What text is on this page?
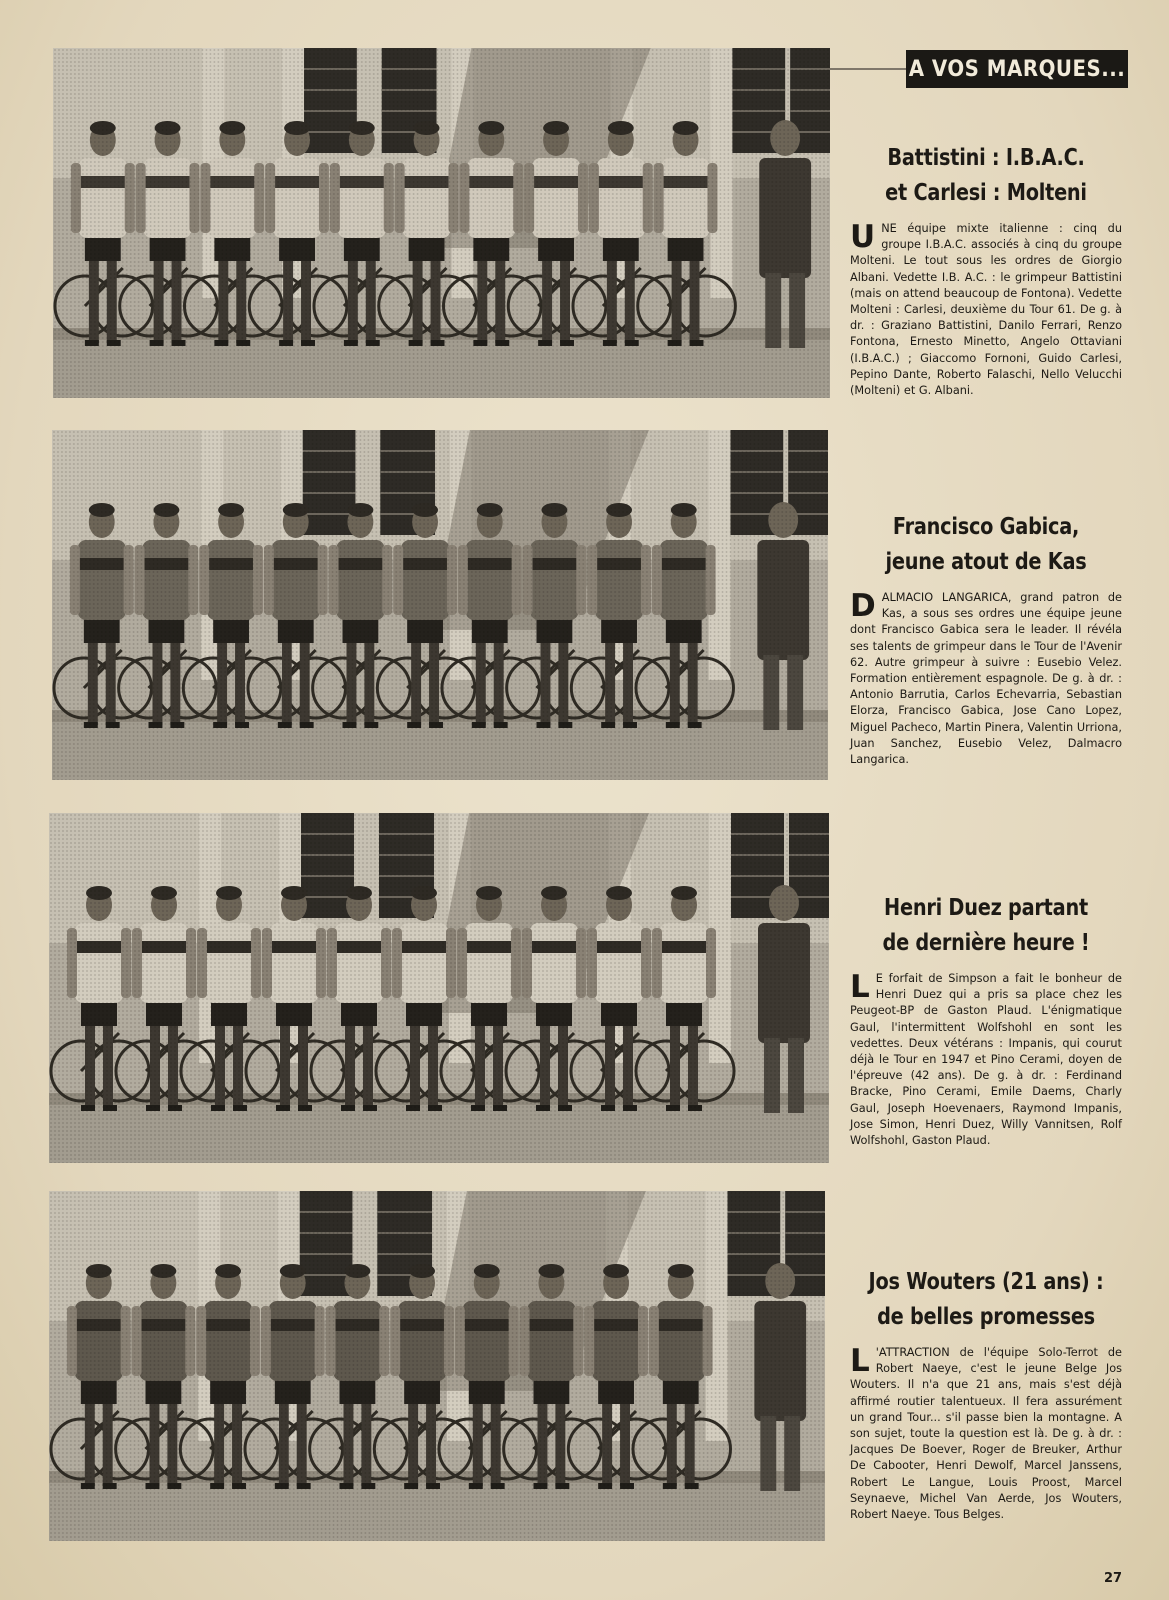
A VOS MARQUES...
Battistini : I.B.A.C.
et Carlesi : Molteni
UNE équipe mixte italienne : cinq du groupe I.B.A.C. associés à cinq du groupe Molteni. Le tout sous les ordres de Giorgio Albani. Vedette I.B. A.C. : le grimpeur Battistini (mais on attend beaucoup de Fontona). Vedette Molteni : Carlesi, deuxième du Tour 61. De g. à dr. : Graziano Battistini, Danilo Ferrari, Renzo Fontona, Ernesto Minetto, Angelo Ottaviani (I.B.A.C.) ; Giaccomo Fornoni, Guido Carlesi, Pepino Dante, Roberto Falaschi, Nello Velucchi (Molteni) et G. Albani.
Francisco Gabica,
jeune atout de Kas
DALMACIO LANGARICA, grand patron de Kas, a sous ses ordres une équipe jeune dont Francisco Gabica sera le leader. Il révéla ses talents de grimpeur dans le Tour de l'Avenir 62. Autre grimpeur à suivre : Eusebio Velez. Formation entièrement espagnole. De g. à dr. : Antonio Barrutia, Carlos Echevarria, Sebastian Elorza, Francisco Gabica, Jose Cano Lopez, Miguel Pacheco, Martin Pinera, Valentin Urriona, Juan Sanchez, Eusebio Velez, Dalmacro Langarica.
Henri Duez partant
de dernière heure !
L E forfait de Simpson a fait le bonheur de Henri Duez qui a pris sa place chez les Peugeot-BP de Gaston Plaud. L'énigmatique Gaul, l'intermittent Wolfshohl en sont les vedettes. Deux vétérans : Impanis, qui courut déjà le Tour en 1947 et Pino Cerami, doyen de l'épreuve (42 ans). De g. à dr. : Ferdinand Bracke, Pino Cerami, Emile Daems, Charly Gaul, Joseph Hoevenaers, Raymond Impanis, Jose Simon, Henri Duez, Willy Vannitsen, Rolf Wolfshohl, Gaston Plaud.
Jos Wouters (21 ans) :
de belles promesses
L 'ATTRACTION de l'équipe Solo-Terrot de Robert Naeye, c'est le jeune Belge Jos Wouters. Il n'a que 21 ans, mais s'est déjà affirmé routier talentueux. Il fera assurément un grand Tour... s'il passe bien la montagne. A son sujet, toute la question est là. De g. à dr. : Jacques De Boever, Roger de Breuker, Arthur De Cabooter, Henri Dewolf, Marcel Janssens, Robert Le Langue, Louis Proost, Marcel Seynaeve, Michel Van Aerde, Jos Wouters, Robert Naeye. Tous Belges.
27
